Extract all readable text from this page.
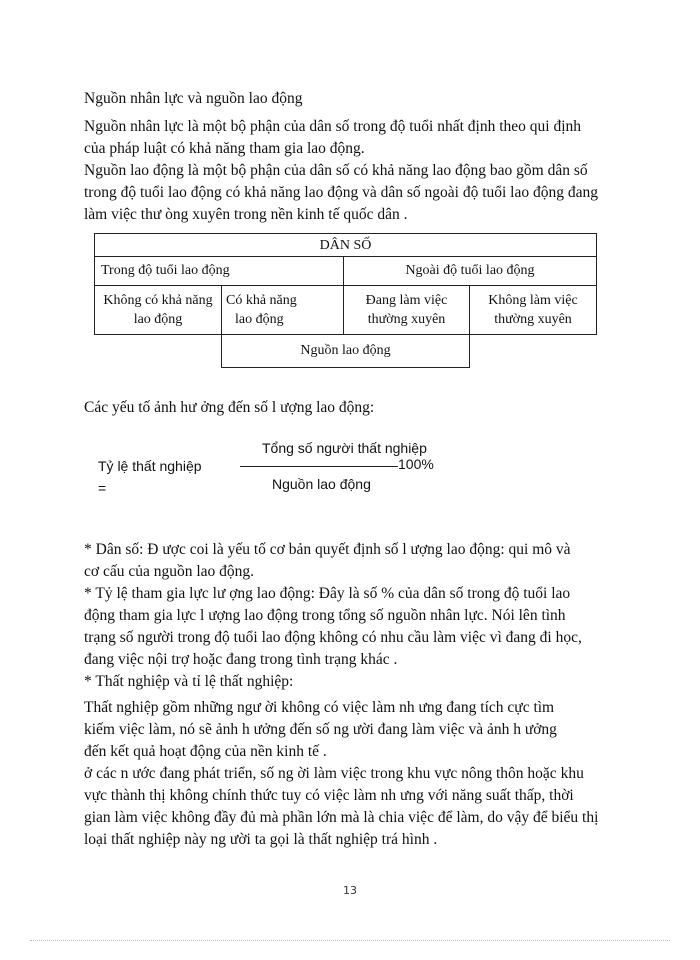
Nguồn nhân lực và nguồn lao động

Nguồn nhân lực là một bộ phận của dân số trong độ tuổi nhất định theo qui định
của pháp luật có khả năng tham gia lao động.

Nguồn lao động là một bộ phận của dân số có khả năng lao động bao gồm dân số
trong độ tuổi lao động có khả năng lao động và dân số ngoài độ tuổi lao động đang
làm việc thư òng xuyên trong nền kinh tế quốc dân .

DÂN SỐ
Trong độ tuổi lao động	Ngoài độ tuổi lao động
Không có khả năng
lao động
Có khả năng
lao động
Đang làm việc
thường xuyên
Không làm việc
thường xuyên
Nguồn lao động

Các yếu tố ảnh hư ởng đến số l ượng lao động:

Tỷ lệ thất nghiệp
=
Tổng số người thất nghiệp
100%
Nguồn lao động

* Dân số: Đ ược coi là yếu tố cơ bản quyết định số l ượng lao động: qui mô và
cơ cấu của nguồn lao động.

* Tỷ lệ tham gia lực lư ợng lao động: Đây là số % của dân số trong độ tuổi lao
động tham gia lực l ượng lao động trong tổng số nguồn nhân lực. Nói lên tình
trạng số người trong độ tuổi lao động không có nhu cầu làm việc vì đang đi học,
đang việc nội trợ hoặc đang trong tình trạng khác .

* Thất nghiệp và tỉ lệ thất nghiệp:

Thất nghiệp gồm những ngư ời không có việc làm nh ưng đang tích cực tìm
kiếm việc làm, nó sẽ ảnh h ưởng đến số ng ười đang làm việc và ảnh h ưởng
đến kết quả hoạt động của nền kinh tế .

ở các n ước đang phát triển, số ng ời làm việc trong khu vực nông thôn hoặc khu
vực thành thị không chính thức tuy có việc làm nh ưng với năng suất thấp, thời
gian làm việc không đầy đủ mà phần lớn mà là chia việc để làm, do vậy để biểu thị
loại thất nghiệp này ng ười ta gọi là thất nghiệp trá hình .

13
